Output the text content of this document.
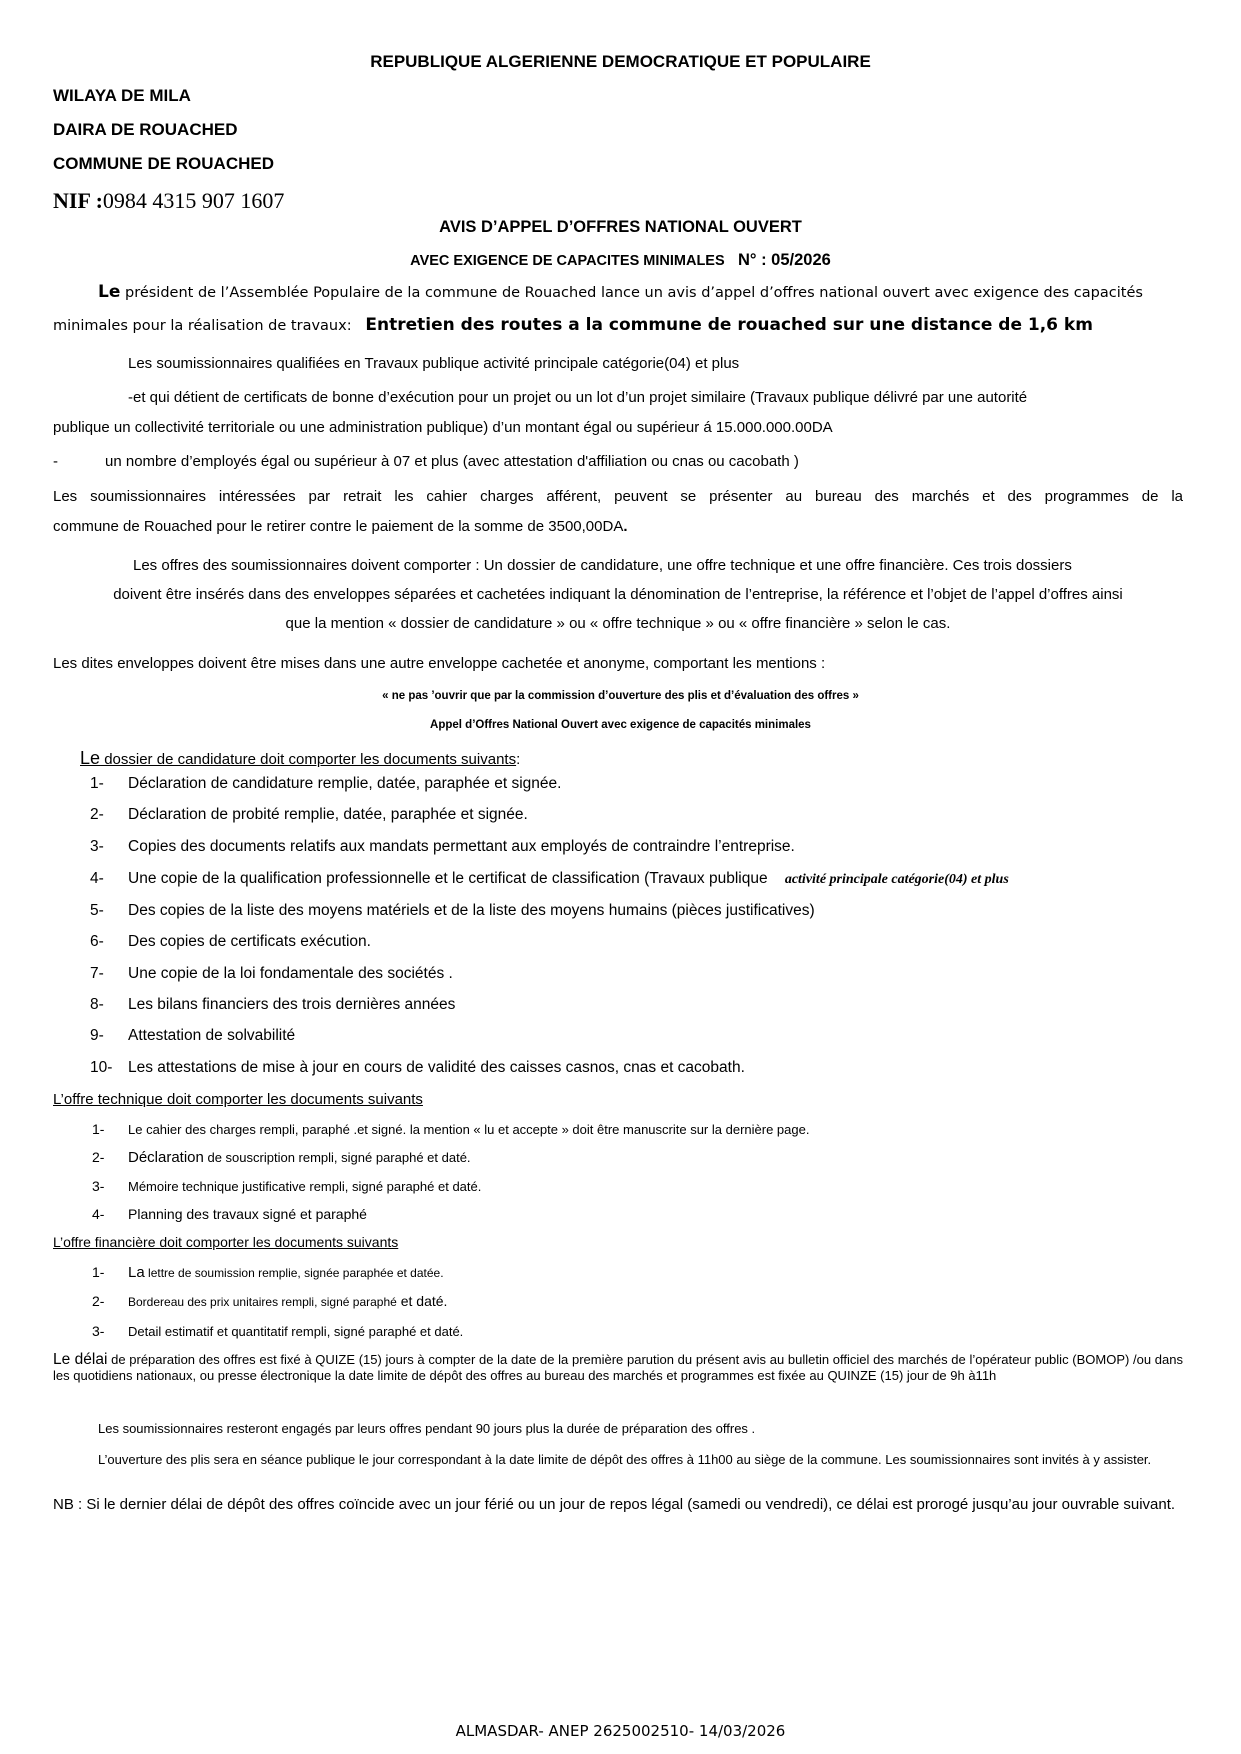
REPUBLIQUE ALGERIENNE DEMOCRATIQUE ET POPULAIRE
WILAYA DE MILA
DAIRA DE ROUACHED
COMMUNE DE ROUACHED
NIF :0984 4315 907 1607
AVIS D’APPEL D’OFFRES NATIONAL OUVERT
AVEC EXIGENCE DE CAPACITES MINIMALES N° : 05/2026
Le président de l’Assemblée Populaire de la commune de Rouached lance un avis d’appel d’offres national ouvert avec exigence des capacités
minimales pour la réalisation de travaux: Entretien des routes a la commune de rouached sur une distance de 1,6 km
Les soumissionnaires qualifiées en Travaux publique activité principale catégorie(04) et plus
-et qui détient de certificats de bonne d’exécution pour un projet ou un lot d’un projet similaire (Travaux publique délivré par une autorité
publique un collectivité territoriale ou une administration publique) d’un montant égal ou supérieur á 15.000.000.00DA
-	un nombre d’employés égal ou supérieur à 07 et plus (avec attestation d'affiliation ou cnas ou cacobath )
Les soumissionnaires intéressées par retrait les cahier charges afférent, peuvent se présenter au bureau des marchés et des programmes de la
commune de Rouached pour le retirer contre le paiement de la somme de 3500,00DA.
Les offres des soumissionnaires doivent comporter : Un dossier de candidature, une offre technique et une offre financière. Ces trois dossiers
doivent être insérés dans des enveloppes séparées et cachetées indiquant la dénomination de l’entreprise, la référence et l’objet de l’appel d’offres ainsi
que la mention « dossier de candidature » ou « offre technique » ou « offre financière » selon le cas.
Les dites enveloppes doivent être mises dans une autre enveloppe cachetée et anonyme, comportant les mentions :
« ne pas ’ouvrir que par la commission d’ouverture des plis et d’évaluation des offres »
Appel d’Offres National Ouvert avec exigence de capacités minimales
Le dossier de candidature doit comporter les documents suivants:
1- Déclaration de candidature remplie, datée, paraphée et signée.
2- Déclaration de probité remplie, datée, paraphée et signée.
3- Copies des documents relatifs aux mandats permettant aux employés de contraindre l’entreprise.
4- Une copie de la qualification professionnelle et le certificat de classification (Travaux publique activité principale catégorie(04) et plus
5- Des copies de la liste des moyens matériels et de la liste des moyens humains (pièces justificatives)
6- Des copies de certificats exécution.
7- Une copie de la loi fondamentale des sociétés .
8- Les bilans financiers des trois dernières années
9- Attestation de solvabilité
10- Les attestations de mise à jour en cours de validité des caisses casnos, cnas et cacobath.
L’offre technique doit comporter les documents suivants
1- Le cahier des charges rempli, paraphé .et signé. la mention « lu et accepte » doit être manuscrite sur la dernière page.
2- Déclaration de souscription rempli, signé paraphé et daté.
3- Mémoire technique justificative rempli, signé paraphé et daté.
4- Planning des travaux signé et paraphé
L’offre financière doit comporter les documents suivants
1- La lettre de soumission remplie, signée paraphée et datée.
2- Bordereau des prix unitaires rempli, signé paraphé et daté.
3- Detail estimatif et quantitatif rempli, signé paraphé et daté.
Le délai de préparation des offres est fixé à QUIZE (15) jours à compter de la date de la première parution du présent avis au bulletin officiel des marchés de l’opérateur public (BOMOP) /ou dans les quotidiens nationaux, ou presse électronique la date limite de dépôt des offres au bureau des marchés et programmes est fixée au QUINZE (15) jour de 9h à11h
Les soumissionnaires resteront engagés par leurs offres pendant 90 jours plus la durée de préparation des offres .
L’ouverture des plis sera en séance publique le jour correspondant à la date limite de dépôt des offres à 11h00 au siège de la commune. Les soumissionnaires sont invités à y assister.
NB : Si le dernier délai de dépôt des offres coïncide avec un jour férié ou un jour de repos légal (samedi ou vendredi), ce délai est prorogé jusqu’au jour ouvrable suivant.
ALMASDAR- ANEP 2625002510- 14/03/2026
